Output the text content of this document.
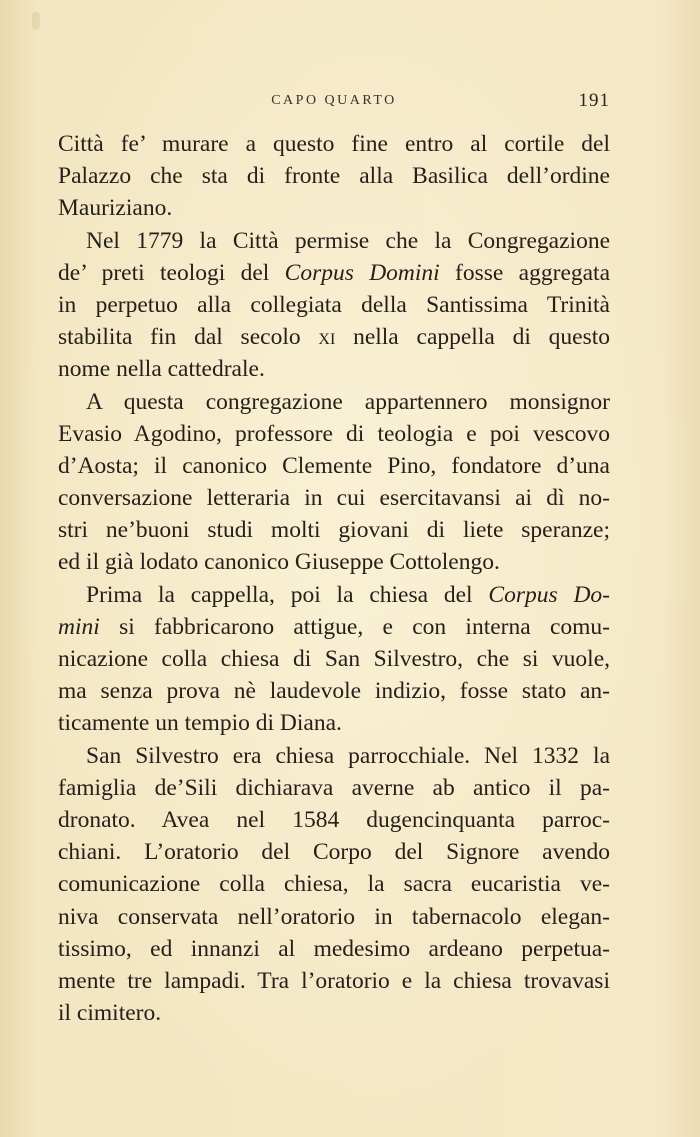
CAPO QUARTO	191
Città fe’ murare a questo fine entro al cortile del
Palazzo che sta di fronte alla Basilica dell’ordine
Mauriziano.
Nel 1779 la Città permise che la Congregazione
de’ preti teologi del Corpus Domini fosse aggregata
in perpetuo alla collegiata della Santissima Trinità
stabilita fin dal secolo xi nella cappella di questo
nome nella cattedrale.
A questa congregazione appartennero monsignor
Evasio Agodino, professore di teologia e poi vescovo
d’Aosta; il canonico Clemente Pino, fondatore d’una
conversazione letteraria in cui esercitavansi ai dì no-
stri ne’buoni studi molti giovani di liete speranze;
ed il già lodato canonico Giuseppe Cottolengo.
Prima la cappella, poi la chiesa del Corpus Do-
mini si fabbricarono attigue, e con interna comu-
nicazione colla chiesa di San Silvestro, che si vuole,
ma senza prova nè laudevole indizio, fosse stato an-
ticamente un tempio di Diana.
San Silvestro era chiesa parrocchiale. Nel 1332 la
famiglia de’Sili dichiarava averne ab antico il pa-
dronato. Avea nel 1584 dugencinquanta parroc-
chiani. L’oratorio del Corpo del Signore avendo
comunicazione colla chiesa, la sacra eucaristia ve-
niva conservata nell’oratorio in tabernacolo elegan-
tissimo, ed innanzi al medesimo ardeano perpetua-
mente tre lampadi. Tra l’oratorio e la chiesa trovavasi
il cimitero.
